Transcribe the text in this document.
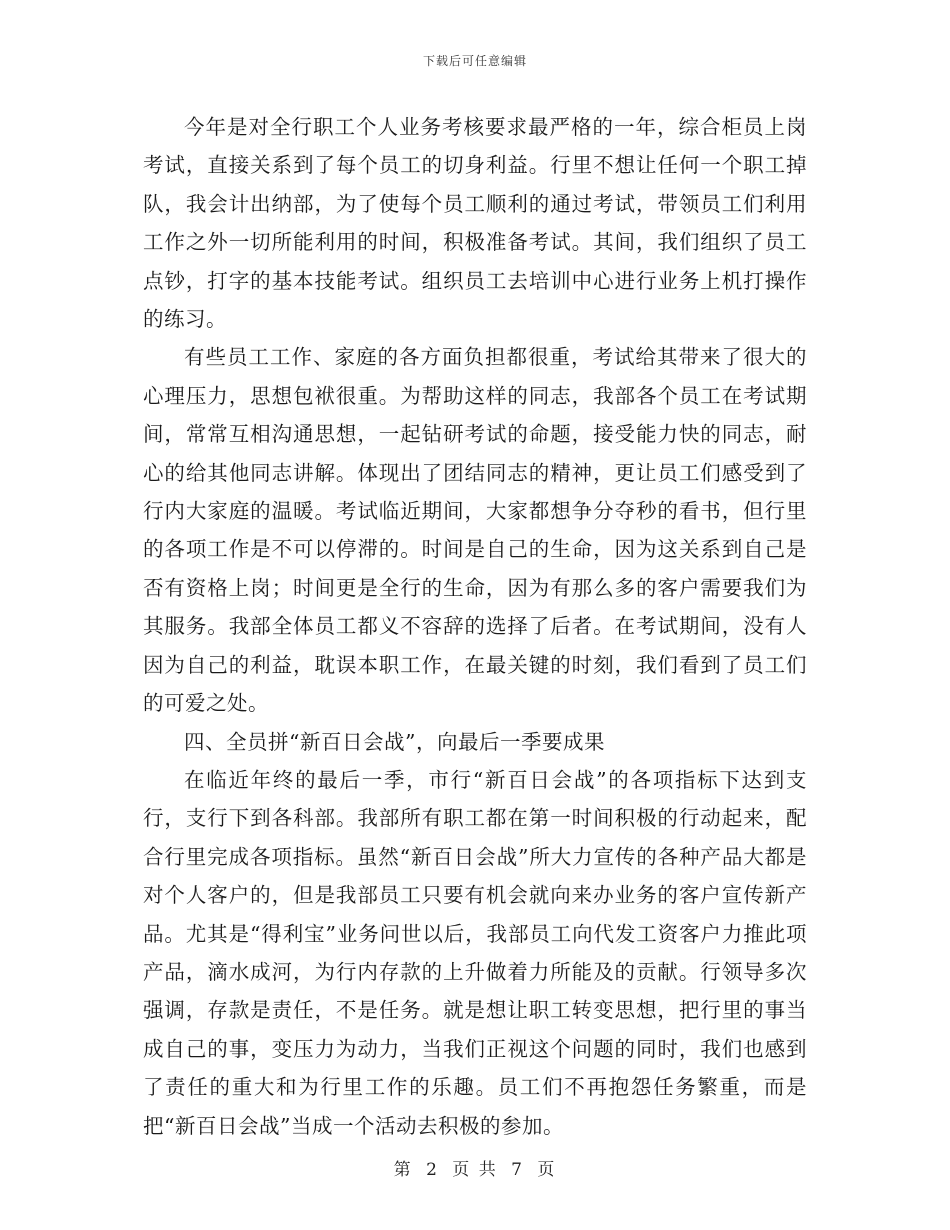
下载后可任意编辑

今年是对全行职工个人业务考核要求最严格的一年，综合柜员上岗考试，直接关系到了每个员工的切身利益。行里不想让任何一个职工掉队，我会计出纳部，为了使每个员工顺利的通过考试，带领员工们利用工作之外一切所能利用的时间，积极准备考试。其间，我们组织了员工点钞，打字的基本技能考试。组织员工去培训中心进行业务上机打操作的练习。

有些员工工作、家庭的各方面负担都很重，考试给其带来了很大的心理压力，思想包袱很重。为帮助这样的同志，我部各个员工在考试期间，常常互相沟通思想，一起钻研考试的命题，接受能力快的同志，耐心的给其他同志讲解。体现出了团结同志的精神，更让员工们感受到了行内大家庭的温暖。考试临近期间，大家都想争分夺秒的看书，但行里的各项工作是不可以停滞的。时间是自己的生命，因为这关系到自己是否有资格上岗；时间更是全行的生命，因为有那么多的客户需要我们为其服务。我部全体员工都义不容辞的选择了后者。在考试期间，没有人因为自己的利益，耽误本职工作，在最关键的时刻，我们看到了员工们的可爱之处。

四、全员拼“新百日会战”，向最后一季要成果

在临近年终的最后一季，市行“新百日会战”的各项指标下达到支行，支行下到各科部。我部所有职工都在第一时间积极的行动起来，配合行里完成各项指标。虽然“新百日会战”所大力宣传的各种产品大都是对个人客户的，但是我部员工只要有机会就向来办业务的客户宣传新产品。尤其是“得利宝”业务问世以后，我部员工向代发工资客户力推此项产品，滴水成河，为行内存款的上升做着力所能及的贡献。行领导多次强调，存款是责任，不是任务。就是想让职工转变思想，把行里的事当成自己的事，变压力为动力，当我们正视这个问题的同时，我们也感到了责任的重大和为行里工作的乐趣。员工们不再抱怨任务繁重，而是把“新百日会战”当成一个活动去积极的参加。

第 2 页 共 7 页
